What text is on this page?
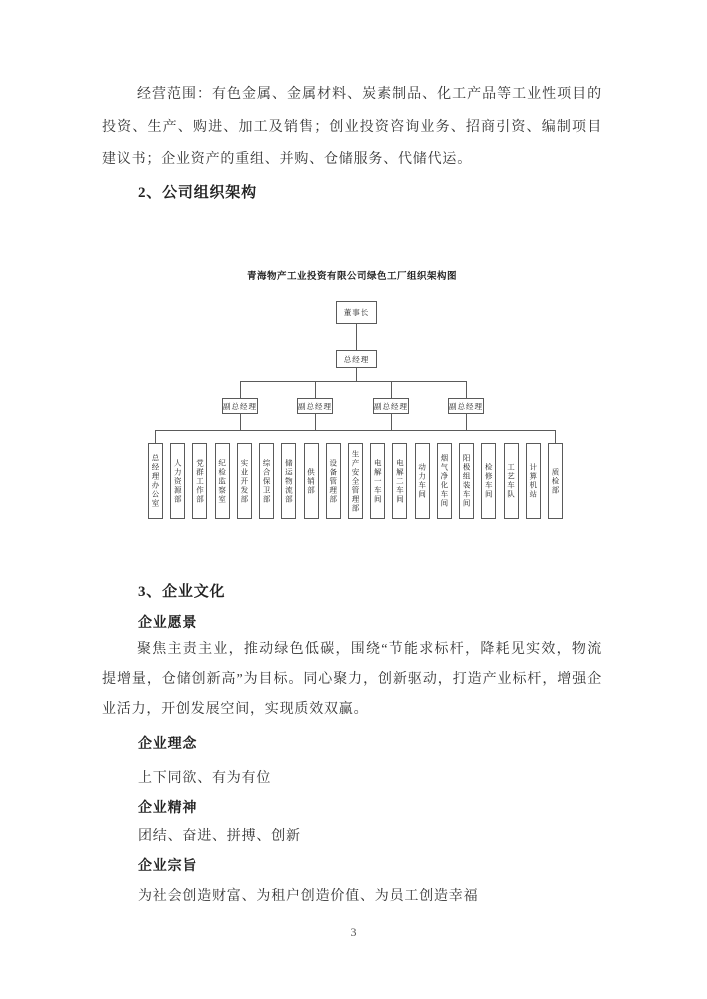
经营范围：有色金属、金属材料、炭素制品、化工产品等工业性项目的投资、生产、购进、加工及销售；创业投资咨询业务、招商引资、编制项目建议书；企业资产的重组、并购、仓储服务、代储代运。
2、公司组织架构
青海物产工业投资有限公司绿色工厂组织架构图
董事长
总经理
副总经理	副总经理	副总经理	副总经理
总经理办公室	人力资源部	党群工作部	纪检监察室	实业开发部	综合保卫部	储运物流部	供销部	设备管理部	生产安全管理部	电解一车间	电解二车间	动力车间	烟气净化车间	阳极组装车间	检修车间	工艺车队	计算机站	质检部
3、企业文化
企业愿景
聚焦主责主业，推动绿色低碳，围绕“节能求标杆，降耗见实效，物流提增量，仓储创新高”为目标。同心聚力，创新驱动，打造产业标杆，增强企业活力，开创发展空间，实现质效双赢。
企业理念
上下同欲、有为有位
企业精神
团结、奋进、拼搏、创新
企业宗旨
为社会创造财富、为租户创造价值、为员工创造幸福
3
